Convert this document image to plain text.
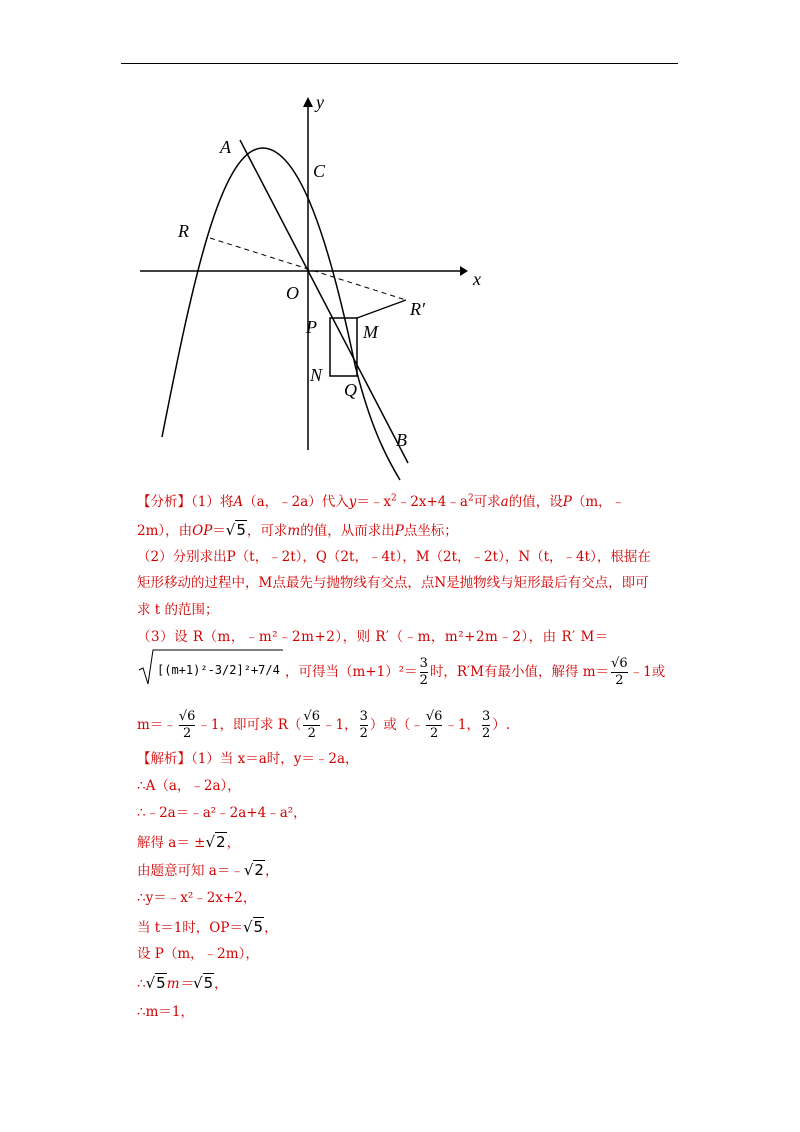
y
x
A
C
R
O
R′
P	M
N
Q
B
【分析】（1）将A（a，﹣2a）代入$y=﹣x^2﹣2x+4﹣a^2$可求a的值，设P（m，﹣
2m），由OP＝√5，可求m的值，从而求出P点坐标；
（2）分别求出P（t，﹣2t），Q（2t，﹣4t），M（2t，﹣2t），N（t，﹣4t），根据在
矩形移动的过程中，M点最先与抛物线有交点，点N是抛物线与矩形最后有交点，即可
求 t 的范围；
（3）设 R（m，﹣m²﹣2m+2），则 R′（﹣m，m²+2m﹣2），由 R′ M＝
[(m+1)²-3/2]²+7/4 ，可得当$(m+1)^2= \frac{3}{2}$ 时，R′M有最小值，解得 $m= \frac{√6}{2}$ ﹣1或
m＝﹣ $\frac{√6}{2}$ ﹣1，即可求 $R( \frac{√6}{2}$ ﹣1， $\frac{3}{2}$ ）或（﹣ $\frac{√6}{2}$ ﹣1， $\frac{3}{2}$ ）.
【解析】（1）当 x＝a时，y＝﹣2a，
∴A（a，﹣2a），
∴﹣2a＝﹣a²﹣2a+4﹣a²，
解得 a＝ ±√2，
由题意可知 a＝﹣√2，
∴y＝﹣x²﹣2x+2，
当 t＝1时，OP＝√5，
设 P（m，﹣2m），
∴√5m＝√5，
∴m＝1，
